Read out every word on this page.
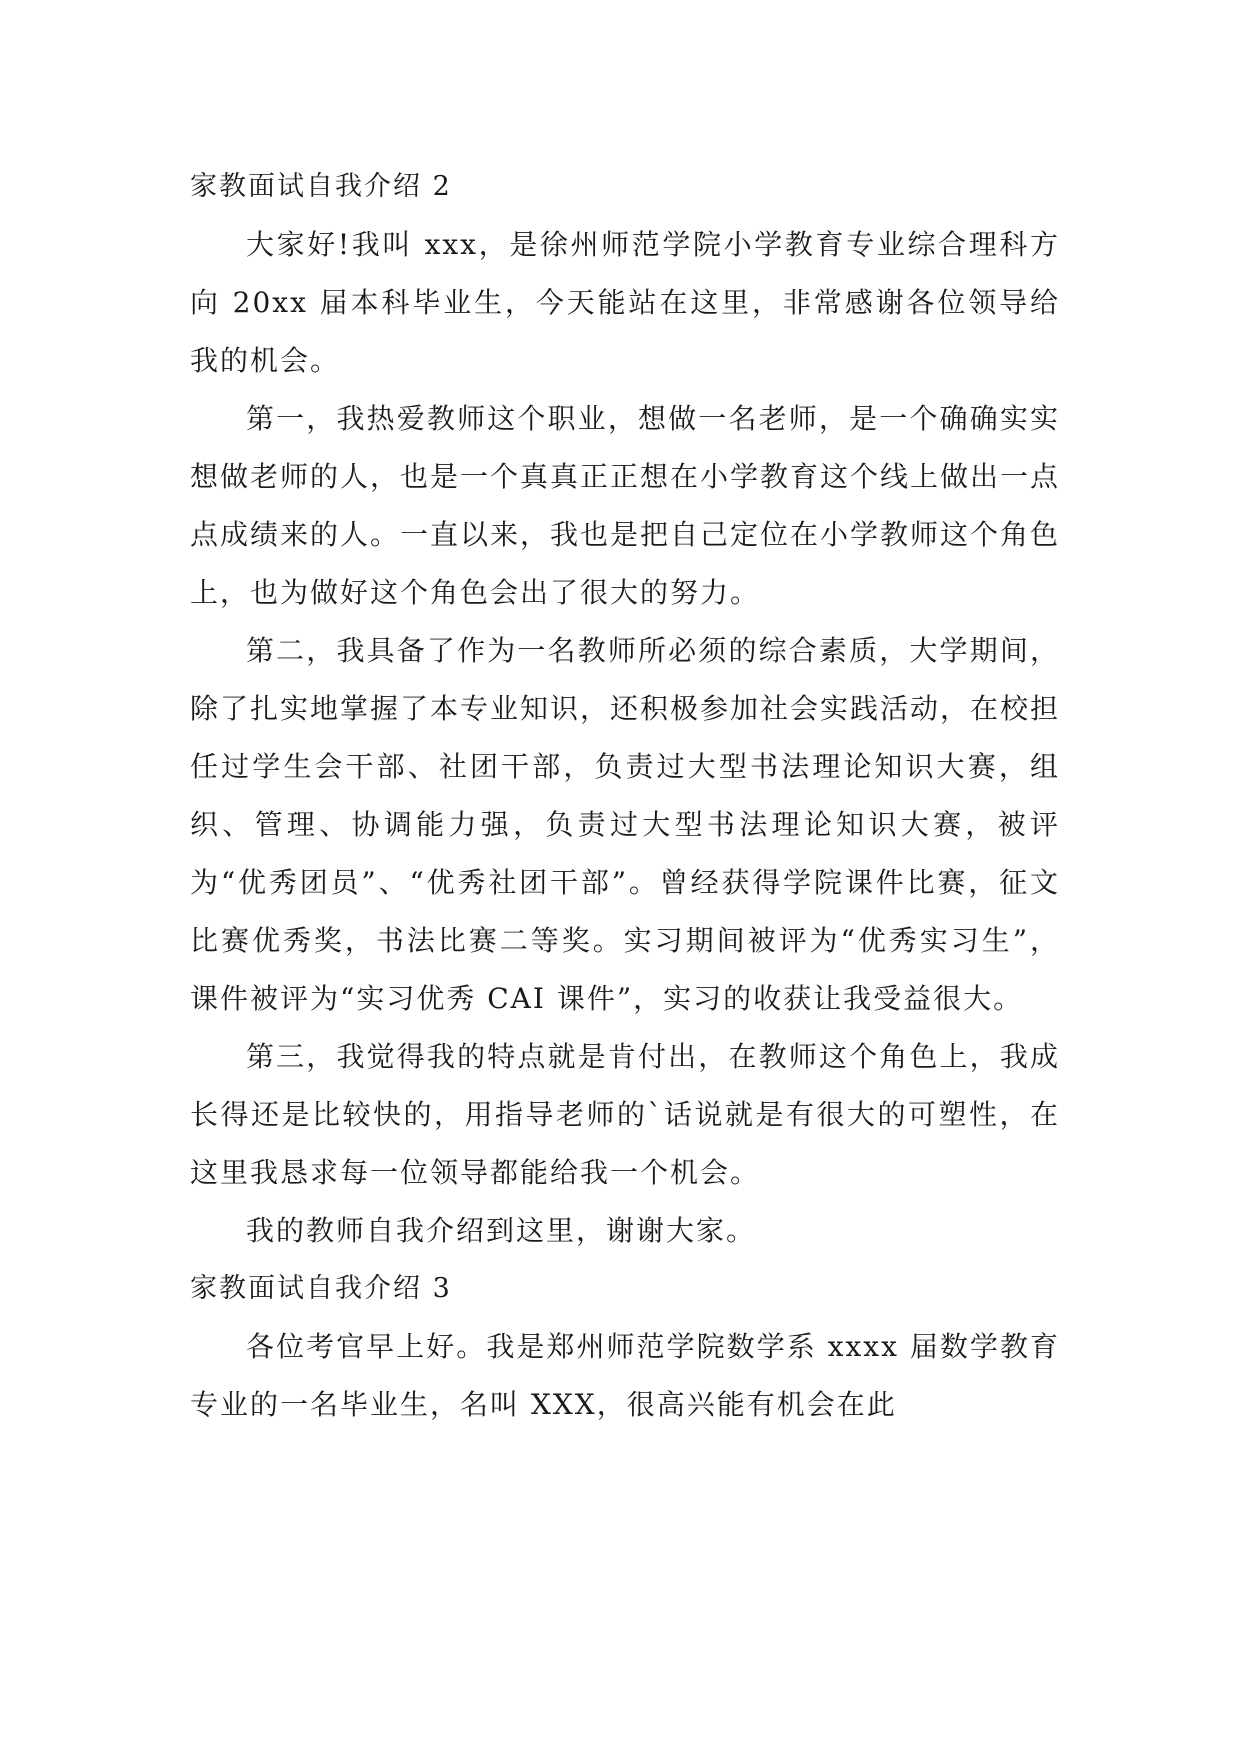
家教面试自我介绍 2

大家好!我叫 xxx，是徐州师范学院小学教育专业综合理科方向 20xx 届本科毕业生，今天能站在这里，非常感谢各位领导给我的机会。

第一，我热爱教师这个职业，想做一名老师，是一个确确实实想做老师的人，也是一个真真正正想在小学教育这个线上做出一点点成绩来的人。一直以来，我也是把自己定位在小学教师这个角色上，也为做好这个角色会出了很大的努力。

第二，我具备了作为一名教师所必须的综合素质，大学期间，除了扎实地掌握了本专业知识，还积极参加社会实践活动，在校担任过学生会干部、社团干部，负责过大型书法理论知识大赛，组织、管理、协调能力强，负责过大型书法理论知识大赛，被评为“优秀团员”、“优秀社团干部”。曾经获得学院课件比赛，征文比赛优秀奖，书法比赛二等奖。实习期间被评为“优秀实习生”，课件被评为“实习优秀 CAI 课件”，实习的收获让我受益很大。

第三，我觉得我的特点就是肯付出，在教师这个角色上，我成长得还是比较快的，用指导老师的`话说就是有很大的可塑性，在这里我恳求每一位领导都能给我一个机会。

我的教师自我介绍到这里，谢谢大家。

家教面试自我介绍 3

各位考官早上好。我是郑州师范学院数学系 xxxx 届数学教育专业的一名毕业生，名叫 XXX，很高兴能有机会在此
